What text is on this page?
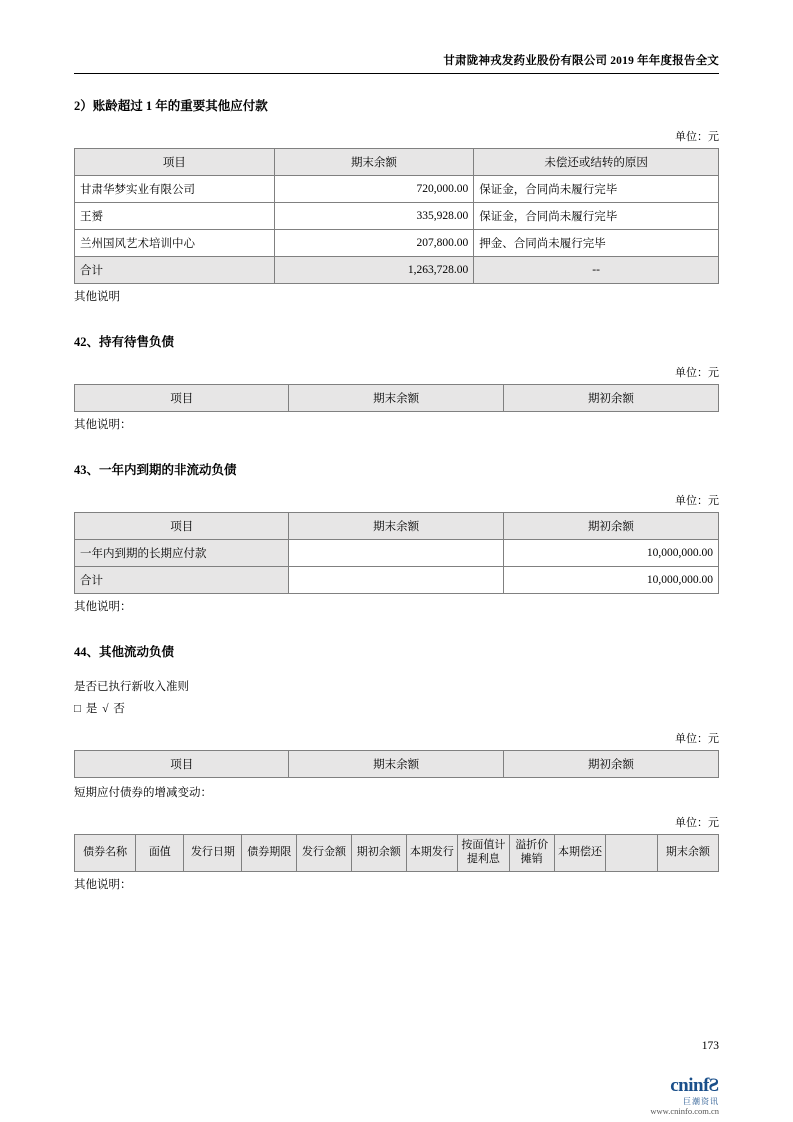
甘肃陇神戎发药业股份有限公司 2019 年年度报告全文
2）账龄超过 1 年的重要其他应付款
单位：元
项目	期末余额	未偿还或结转的原因
甘肃华梦实业有限公司	720,000.00	保证金，合同尚未履行完毕
王赟	335,928.00	保证金，合同尚未履行完毕
兰州国风艺术培训中心	207,800.00	押金、合同尚未履行完毕
合计	1,263,728.00	--
其他说明
42、持有待售负债
单位：元
项目	期末余额	期初余额
其他说明：
43、一年内到期的非流动负债
单位：元
项目	期末余额	期初余额
一年内到期的长期应付款		10,000,000.00
合计		10,000,000.00
其他说明：
44、其他流动负债
是否已执行新收入准则
□ 是 √ 否
单位：元
项目	期末余额	期初余额
短期应付债券的增减变动：
单位：元
债券名称	面值	发行日期	债券期限	发行金额	期初余额	本期发行	按面值计提利息	溢折价摊销	本期偿还		期末余额
其他说明：
173
cninfS
巨潮资讯
www.cninfo.com.cn
